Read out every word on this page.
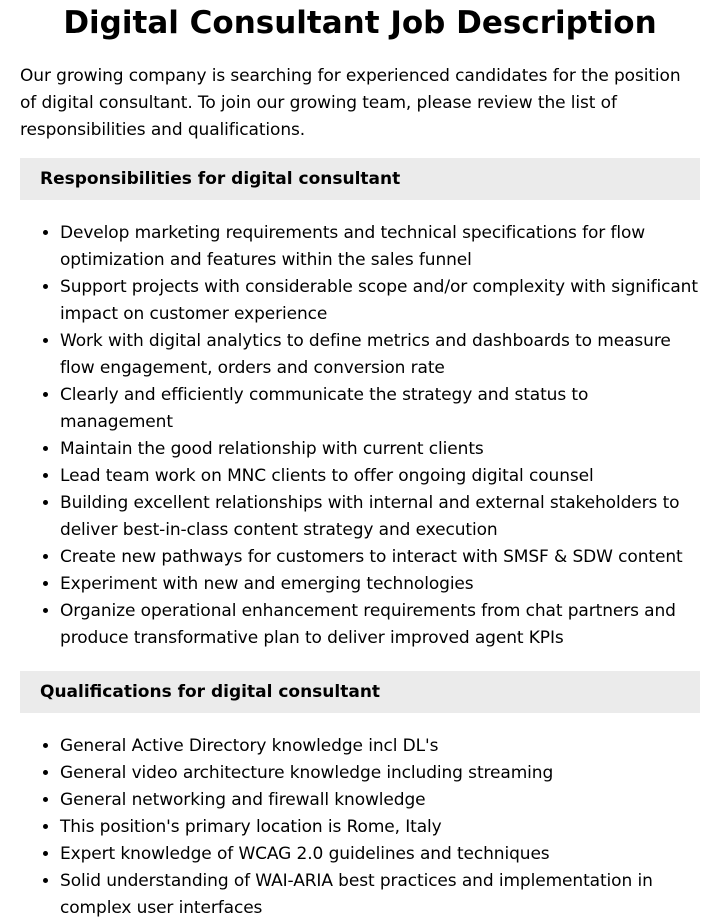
Digital Consultant Job Description

Our growing company is searching for experienced candidates for the position of digital consultant. To join our growing team, please review the list of responsibilities and qualifications.

Responsibilities for digital consultant
• Develop marketing requirements and technical specifications for flow optimization and features within the sales funnel
• Support projects with considerable scope and/or complexity with significant impact on customer experience
• Work with digital analytics to define metrics and dashboards to measure flow engagement, orders and conversion rate
• Clearly and efficiently communicate the strategy and status to management
• Maintain the good relationship with current clients
• Lead team work on MNC clients to offer ongoing digital counsel
• Building excellent relationships with internal and external stakeholders to deliver best-in-class content strategy and execution
• Create new pathways for customers to interact with SMSF & SDW content
• Experiment with new and emerging technologies
• Organize operational enhancement requirements from chat partners and produce transformative plan to deliver improved agent KPIs
Qualifications for digital consultant
• General Active Directory knowledge incl DL's
• General video architecture knowledge including streaming
• General networking and firewall knowledge
• This position's primary location is Rome, Italy
• Expert knowledge of WCAG 2.0 guidelines and techniques
• Solid understanding of WAI-ARIA best practices and implementation in complex user interfaces
